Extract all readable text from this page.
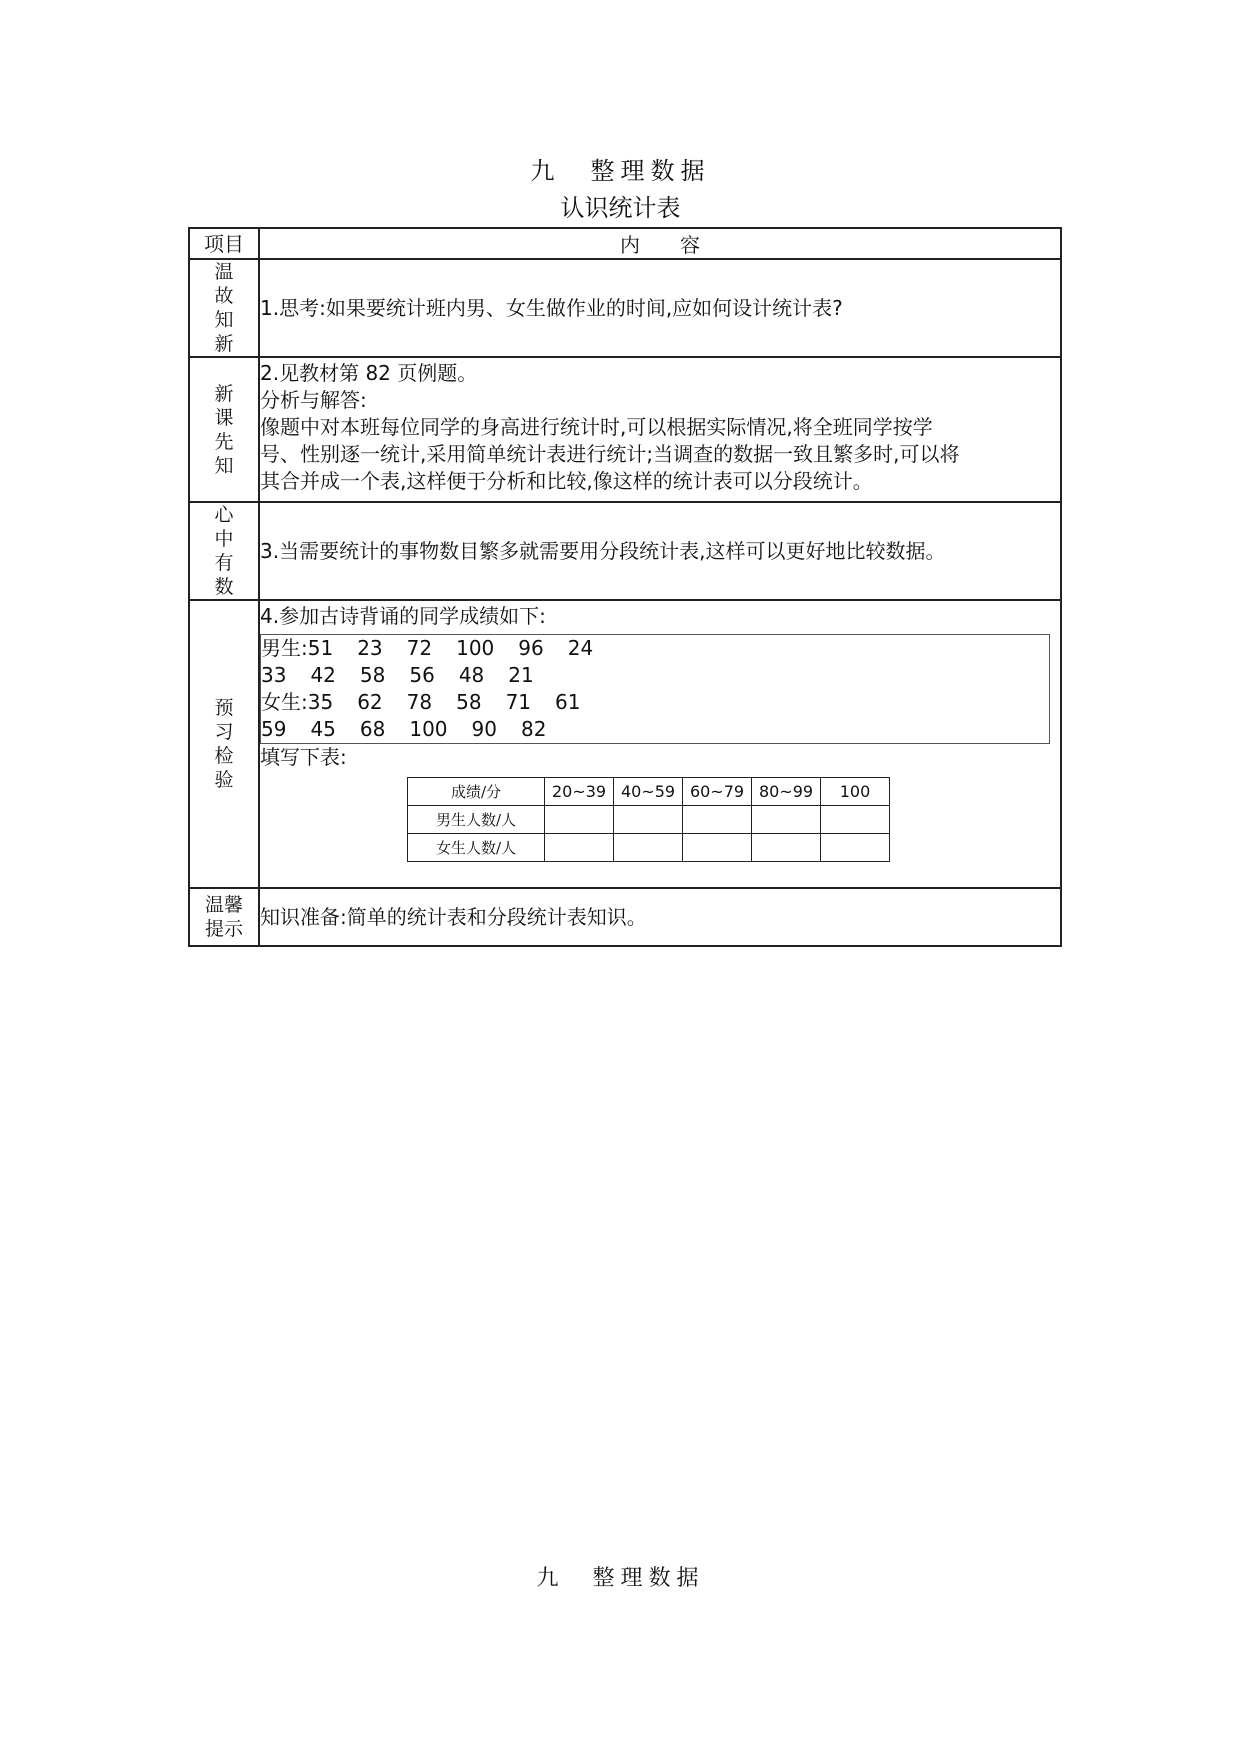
九　整理数据
认识统计表
项目	内　　容
温故知新	
1.思考:如果要统计班内男、女生做作业的时间,应如何设计统计表?

新课先知	
2.见教材第 82 页例题。
分析与解答:
像题中对本班每位同学的身高进行统计时,可以根据实际情况,将全班同学按学
号、性别逐一统计,采用简单统计表进行统计;当调查的数据一致且繁多时,可以将
其合并成一个表,这样便于分析和比较,像这样的统计表可以分段统计。

心中有数	
3.当需要统计的事物数目繁多就需要用分段统计表,这样可以更好地比较数据。

预习检验	
4.参加古诗背诵的同学成绩如下:
男生:51 23 72 100 96 24
33 42 58 56 48 21
女生:35 62 78 58 71 61
59 45 68 100 90 82
填写下表:
成绩/分	20~39	40~59	60~79	80~99	100
男生人数/人					
女生人数/人					

温馨提示	
知识准备:简单的统计表和分段统计表知识。
九　整理数据
